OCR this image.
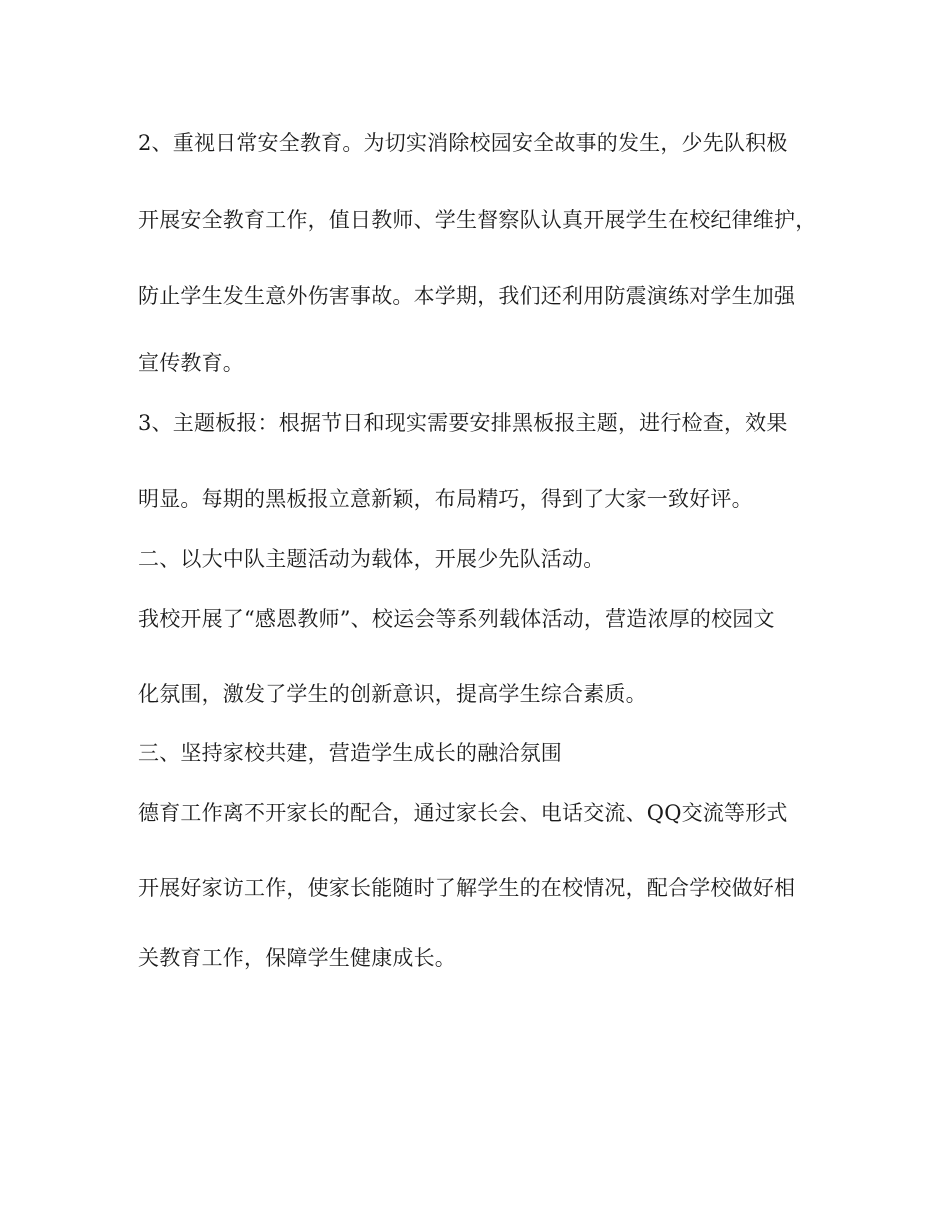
2、重视日常安全教育。为切实消除校园安全故事的发生，少先队积极
开展安全教育工作，值日教师、学生督察队认真开展学生在校纪律维护，
防止学生发生意外伤害事故。本学期，我们还利用防震演练对学生加强
宣传教育。
3、主题板报：根据节日和现实需要安排黑板报主题，进行检查，效果
明显。每期的黑板报立意新颖，布局精巧，得到了大家一致好评。
二、以大中队主题活动为载体，开展少先队活动。
我校开展了“感恩教师”、校运会等系列载体活动，营造浓厚的校园文
化氛围，激发了学生的创新意识，提高学生综合素质。
三、坚持家校共建，营造学生成长的融洽氛围
德育工作离不开家长的配合，通过家长会、电话交流、QQ交流等形式
开展好家访工作，使家长能随时了解学生的在校情况，配合学校做好相
关教育工作，保障学生健康成长。
